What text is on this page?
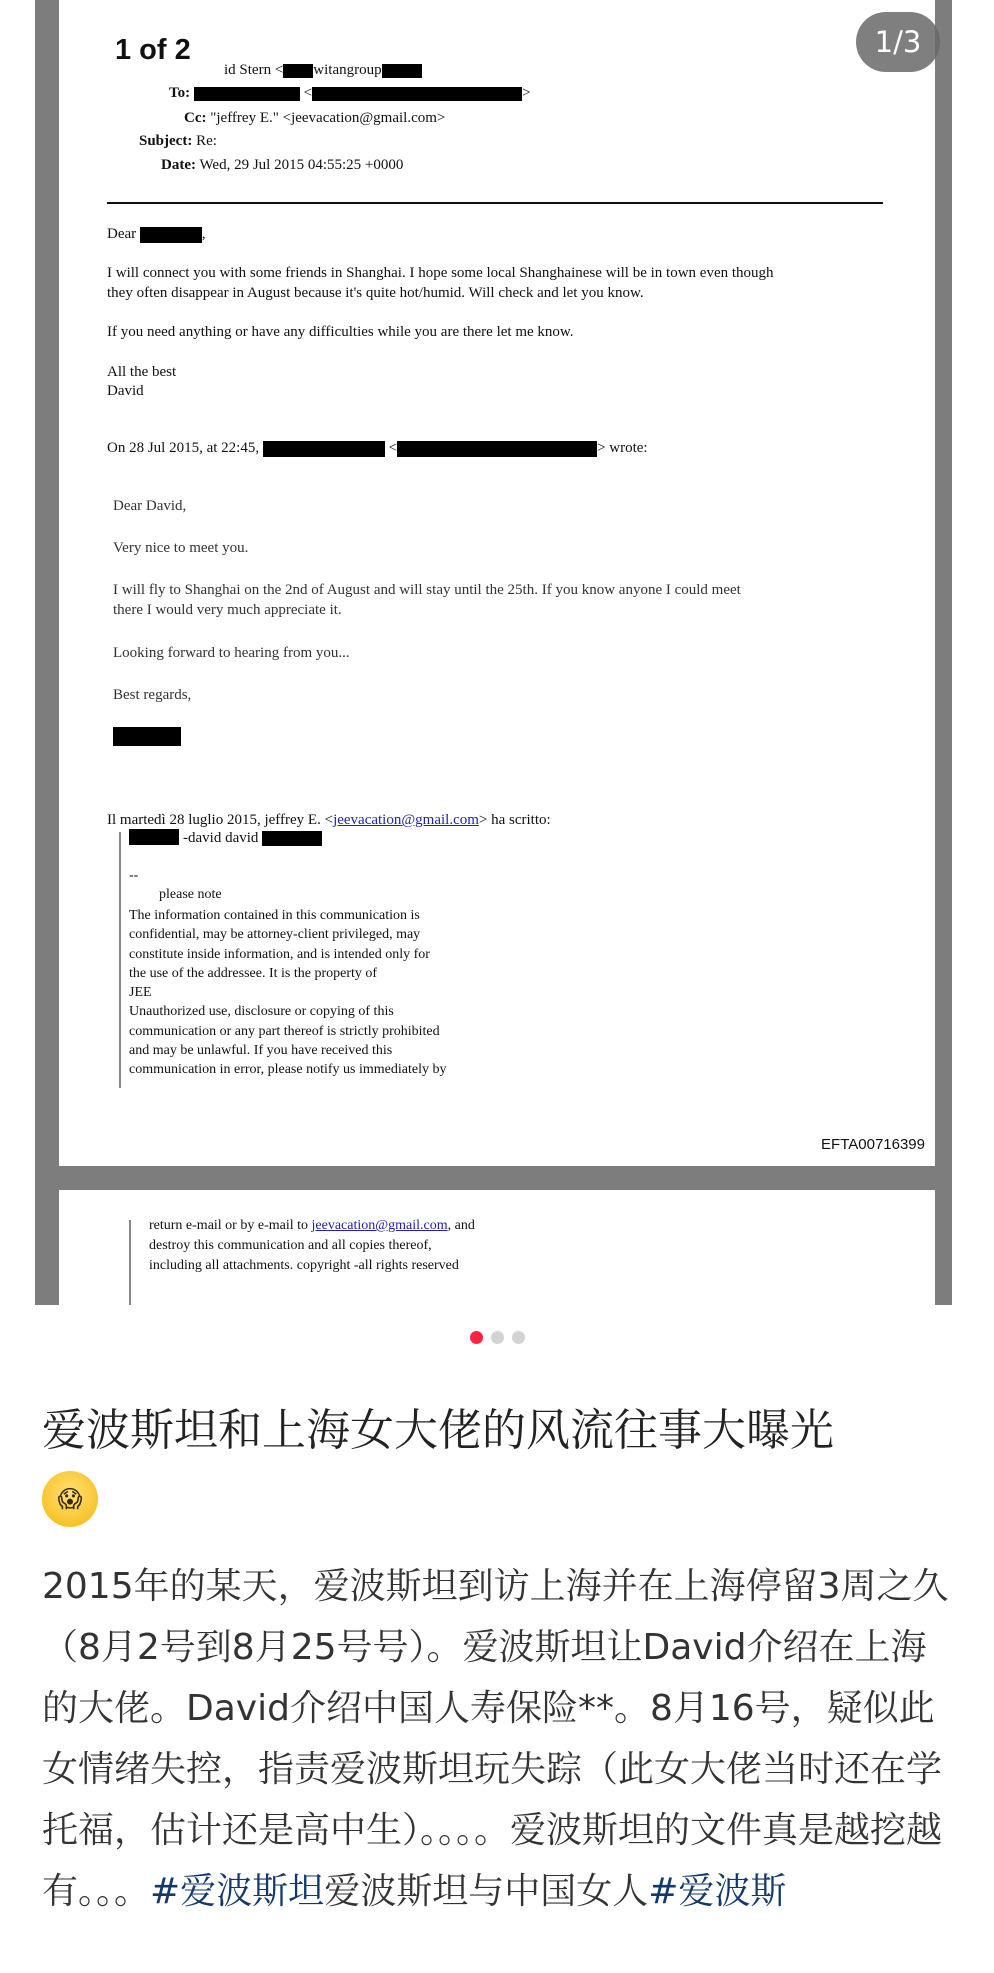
1 of 2
id Stern < witangroup
To:	<	>
Cc: "jeffrey E." <jeevacation@gmail.com>
Subject: Re:
Date: Wed, 29 Jul 2015 04:55:25 +0000
Dear	,
I will connect you with some friends in Shanghai. I hope some local Shanghainese will be in town even though
they often disappear in August because it's quite hot/humid. Will check and let you know.
If you need anything or have any difficulties while you are there let me know.
All the best
David
On 28 Jul 2015, at 22:45,	<	> wrote:
Dear David,
Very nice to meet you.
I will fly to Shanghai on the 2nd of August and will stay until the 25th. If you know anyone I could meet
there I would very much appreciate it.
Looking forward to hearing from you...
Best regards,
Il martedì 28 luglio 2015, jeffrey E. <jeevacation@gmail.com> ha scritto:
-david david
--
please note
The information contained in this communication is
confidential, may be attorney-client privileged, may
constitute inside information, and is intended only for
the use of the addressee. It is the property of
JEE
Unauthorized use, disclosure or copying of this
communication or any part thereof is strictly prohibited
and may be unlawful. If you have received this
communication in error, please notify us immediately by
EFTA00716399
return e-mail or by e-mail to jeevacation@gmail.com, and
destroy this communication and all copies thereof,
including all attachments. copyright -all rights reserved
1/3
爱波斯坦和上海女大佬的风流往事大曝光
😱
2015年的某天，爱波斯坦到访上海并在上海停留3周之久（8月2号到8月25号号）。爱波斯坦让David介绍在上海的大佬。David介绍中国人寿保险**。8月16号，疑似此女情绪失控，指责爱波斯坦玩失踪（此女大佬当时还在学托福，估计还是高中生）。。。。爱波斯坦的文件真是越挖越有。。。#爱波斯坦爱波斯坦与中国女人#爱波斯
